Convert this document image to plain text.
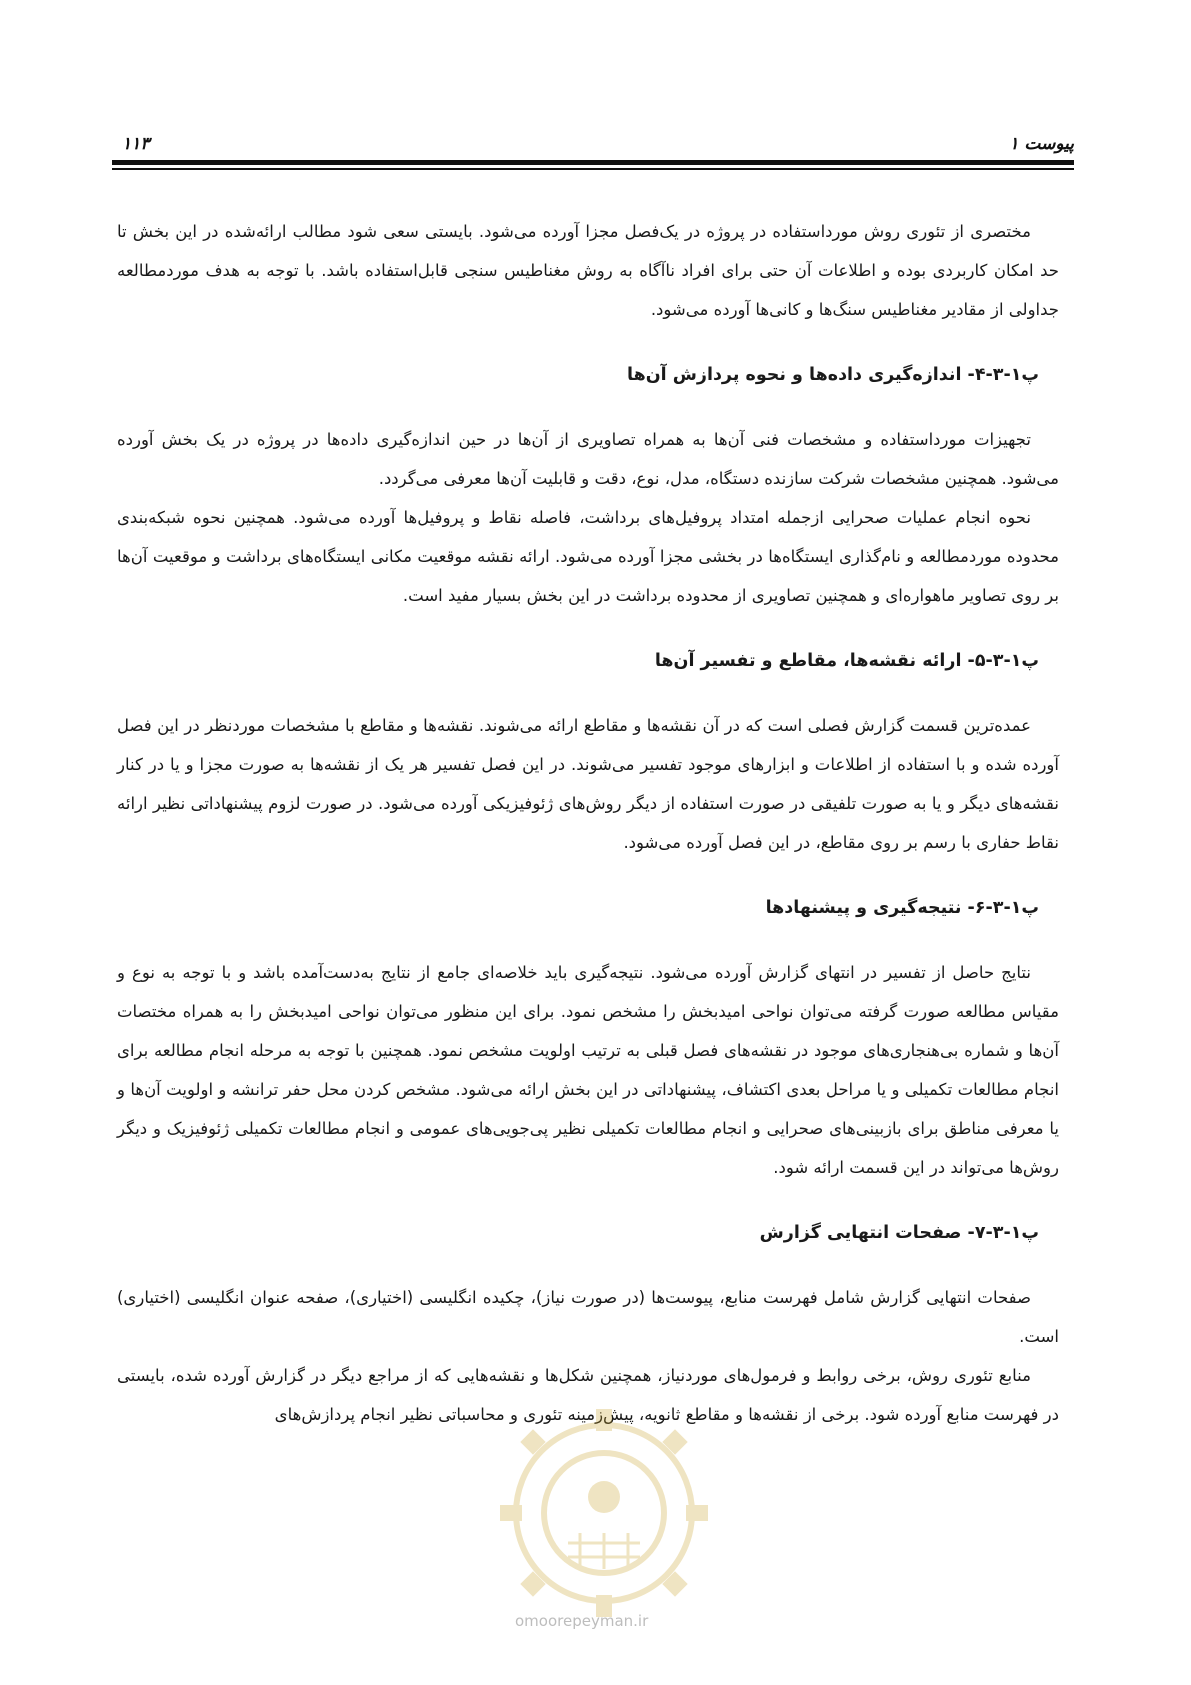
۱۱۳	پیوست ۱

مختصری از تئوری روش مورداستفاده در پروژه در یک‌فصل مجزا آورده می‌شود. بایستی سعی شود مطالب ارائه‌شده در این بخش تا حد امکان کاربردی بوده و اطلاعات آن حتی برای افراد ناآگاه به روش مغناطیس سنجی قابل‌استفاده باشد. با توجه به هدف موردمطالعه جداولی از مقادیر مغناطیس سنگ‌ها و کانی‌ها آورده می‌شود.

پ۱-۳-۴- اندازه‌گیری داده‌ها و نحوه پردازش آن‌ها

تجهیزات مورداستفاده و مشخصات فنی آن‌ها به همراه تصاویری از آن‌ها در حین اندازه‌گیری داده‌ها در پروژه در یک بخش آورده می‌شود. همچنین مشخصات شرکت سازنده دستگاه، مدل، نوع، دقت و قابلیت آن‌ها معرفی می‌گردد.

نحوه انجام عملیات صحرایی ازجمله امتداد پروفیل‌های برداشت، فاصله نقاط و پروفیل‌ها آورده می‌شود. همچنین نحوه شبکه‌بندی محدوده موردمطالعه و نام‌گذاری ایستگاه‌ها در بخشی مجزا آورده می‌شود. ارائه نقشه موقعیت مکانی ایستگاه‌های برداشت و موقعیت آن‌ها بر روی تصاویر ماهواره‌ای و همچنین تصاویری از محدوده برداشت در این بخش بسیار مفید است.

پ۱-۳-۵- ارائه نقشه‌ها، مقاطع و تفسیر آن‌ها

عمده‌ترین قسمت گزارش فصلی است که در آن نقشه‌ها و مقاطع ارائه می‌شوند. نقشه‌ها و مقاطع با مشخصات موردنظر در این فصل آورده شده و با استفاده از اطلاعات و ابزارهای موجود تفسیر می‌شوند. در این فصل تفسیر هر یک از نقشه‌ها به صورت مجزا و یا در کنار نقشه‌های دیگر و یا به صورت تلفیقی در صورت استفاده از دیگر روش‌های ژئوفیزیکی آورده می‌شود. در صورت لزوم پیشنهاداتی نظیر ارائه نقاط حفاری با رسم بر روی مقاطع، در این فصل آورده می‌شود.

پ۱-۳-۶- نتیجه‌گیری و پیشنهادها

نتایج حاصل از تفسیر در انتهای گزارش آورده می‌شود. نتیجه‌گیری باید خلاصه‌ای جامع از نتایج به‌دست‌آمده باشد و با توجه به نوع و مقیاس مطالعه صورت گرفته می‌توان نواحی امیدبخش را مشخص نمود. برای این منظور می‌توان نواحی امیدبخش را به همراه مختصات آن‌ها و شماره بی‌هنجاری‌های موجود در نقشه‌های فصل قبلی به ترتیب اولویت مشخص نمود. همچنین با توجه به مرحله انجام مطالعه برای انجام مطالعات تکمیلی و یا مراحل بعدی اکتشاف، پیشنهاداتی در این بخش ارائه می‌شود. مشخص کردن محل حفر ترانشه و اولویت آن‌ها و یا معرفی مناطق برای بازبینی‌های صحرایی و انجام مطالعات تکمیلی نظیر پی‌جویی‌های عمومی و انجام مطالعات تکمیلی ژئوفیزیک و دیگر روش‌ها می‌تواند در این قسمت ارائه شود.

پ۱-۳-۷- صفحات انتهایی گزارش

صفحات انتهایی گزارش شامل فهرست منابع، پیوست‌ها (در صورت نیاز)، چکیده انگلیسی (اختیاری)، صفحه عنوان انگلیسی (اختیاری) است.

منابع تئوری روش، برخی روابط و فرمول‌های موردنیاز، همچنین شکل‌ها و نقشه‌هایی که از مراجع دیگر در گزارش آورده شده، بایستی در فهرست منابع آورده شود. برخی از نقشه‌ها و مقاطع ثانویه، پیش‌زمینه تئوری و محاسباتی نظیر انجام پردازش‌های

omoorepeyman.ir
